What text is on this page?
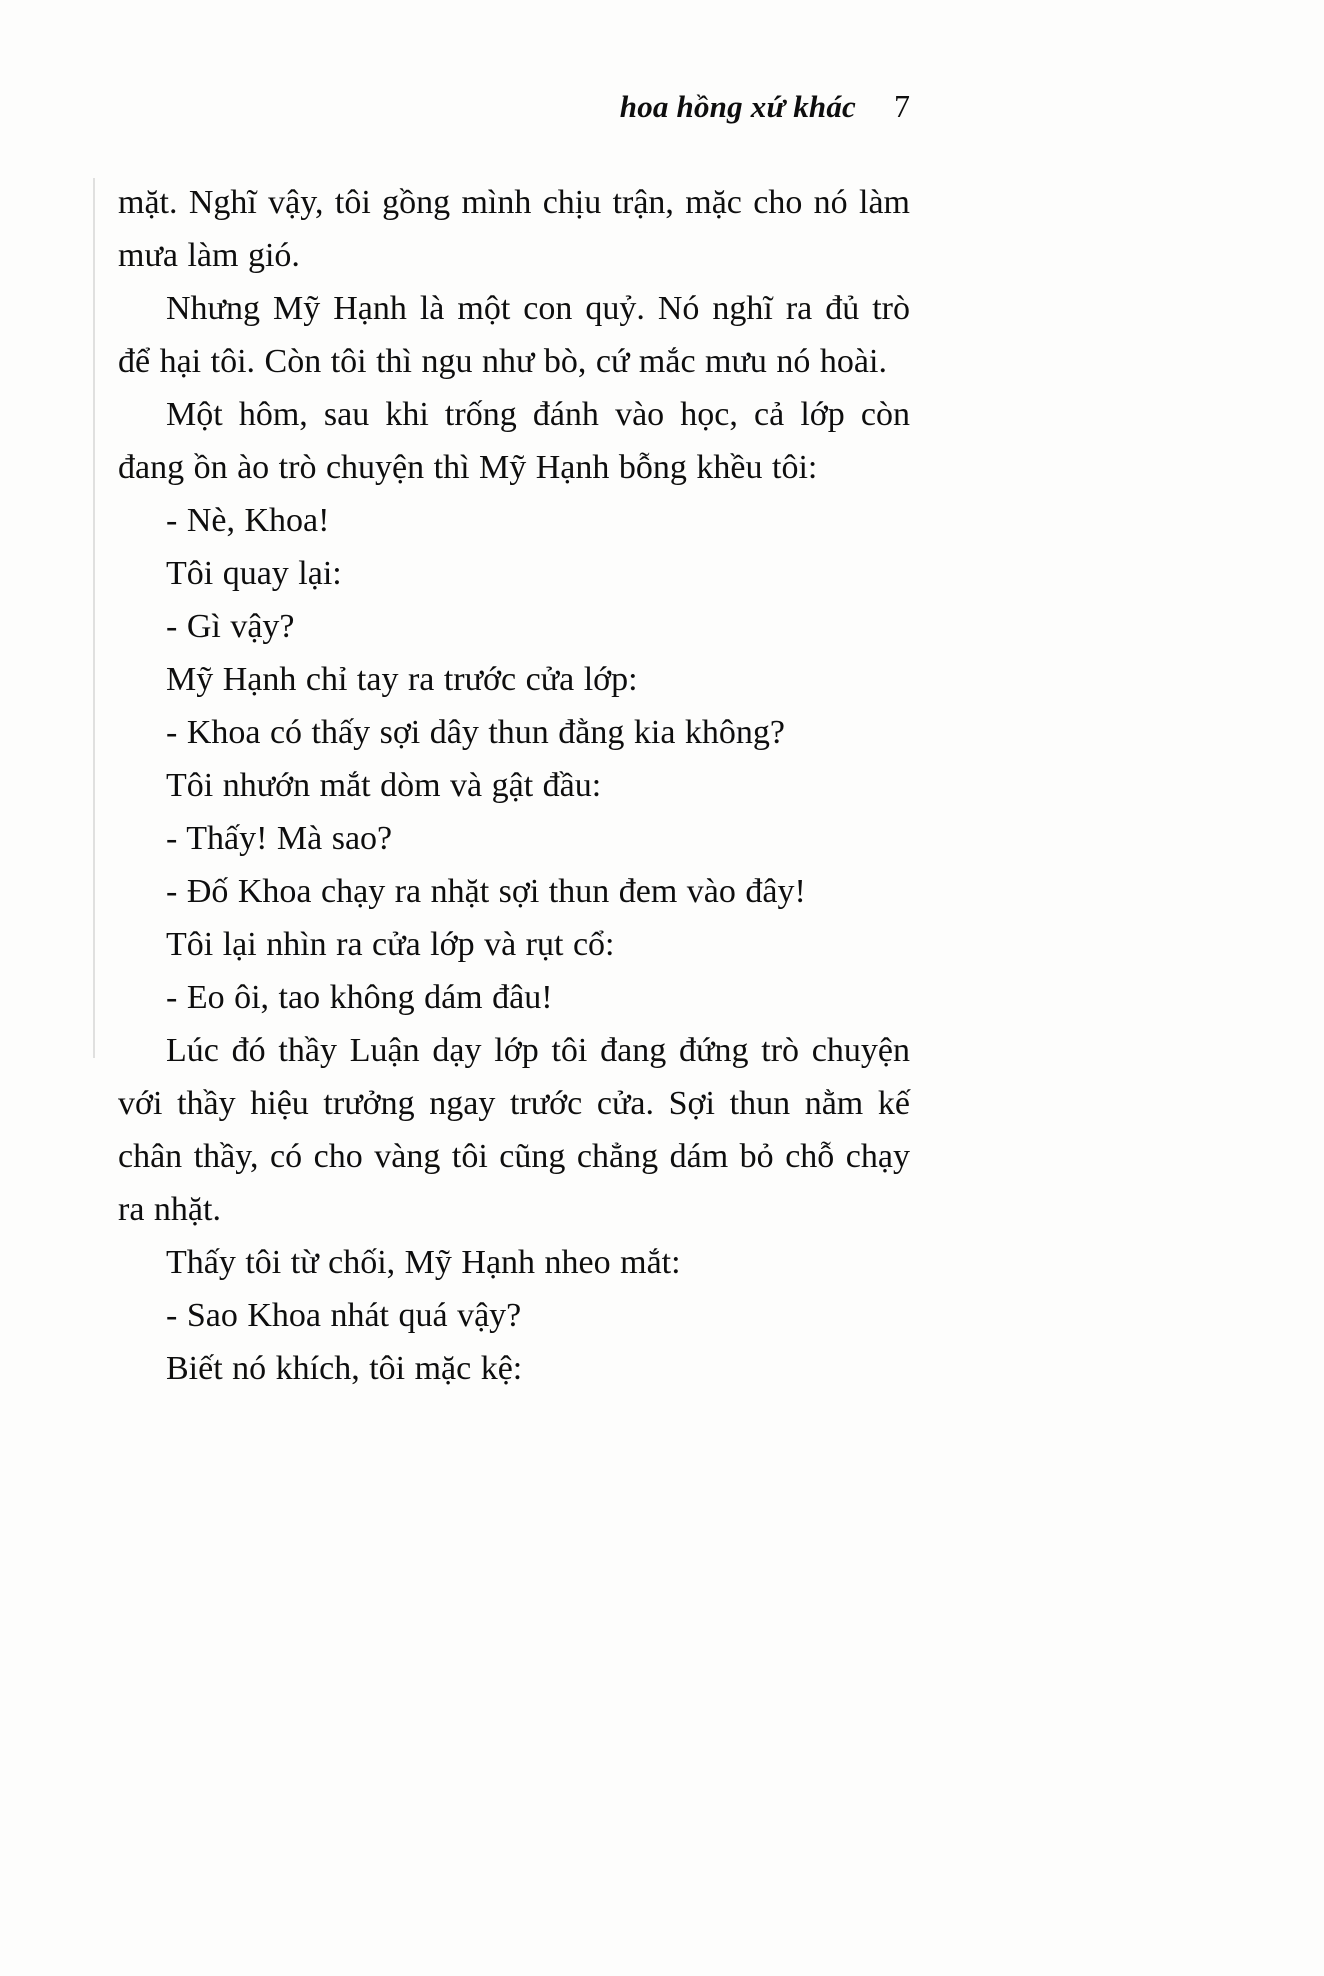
hoa hồng xứ khác 7

mặt. Nghĩ vậy, tôi gồng mình chịu trận, mặc cho nó làm mưa làm gió.

Nhưng Mỹ Hạnh là một con quỷ. Nó nghĩ ra đủ trò để hại tôi. Còn tôi thì ngu như bò, cứ mắc mưu nó hoài.

Một hôm, sau khi trống đánh vào học, cả lớp còn đang ồn ào trò chuyện thì Mỹ Hạnh bỗng khều tôi:

- Nè, Khoa!

Tôi quay lại:

- Gì vậy?

Mỹ Hạnh chỉ tay ra trước cửa lớp:

- Khoa có thấy sợi dây thun đằng kia không?

Tôi nhướn mắt dòm và gật đầu:

- Thấy! Mà sao?

- Đố Khoa chạy ra nhặt sợi thun đem vào đây!

Tôi lại nhìn ra cửa lớp và rụt cổ:

- Eo ôi, tao không dám đâu!

Lúc đó thầy Luận dạy lớp tôi đang đứng trò chuyện với thầy hiệu trưởng ngay trước cửa. Sợi thun nằm kế chân thầy, có cho vàng tôi cũng chẳng dám bỏ chỗ chạy ra nhặt.

Thấy tôi từ chối, Mỹ Hạnh nheo mắt:

- Sao Khoa nhát quá vậy?

Biết nó khích, tôi mặc kệ:
